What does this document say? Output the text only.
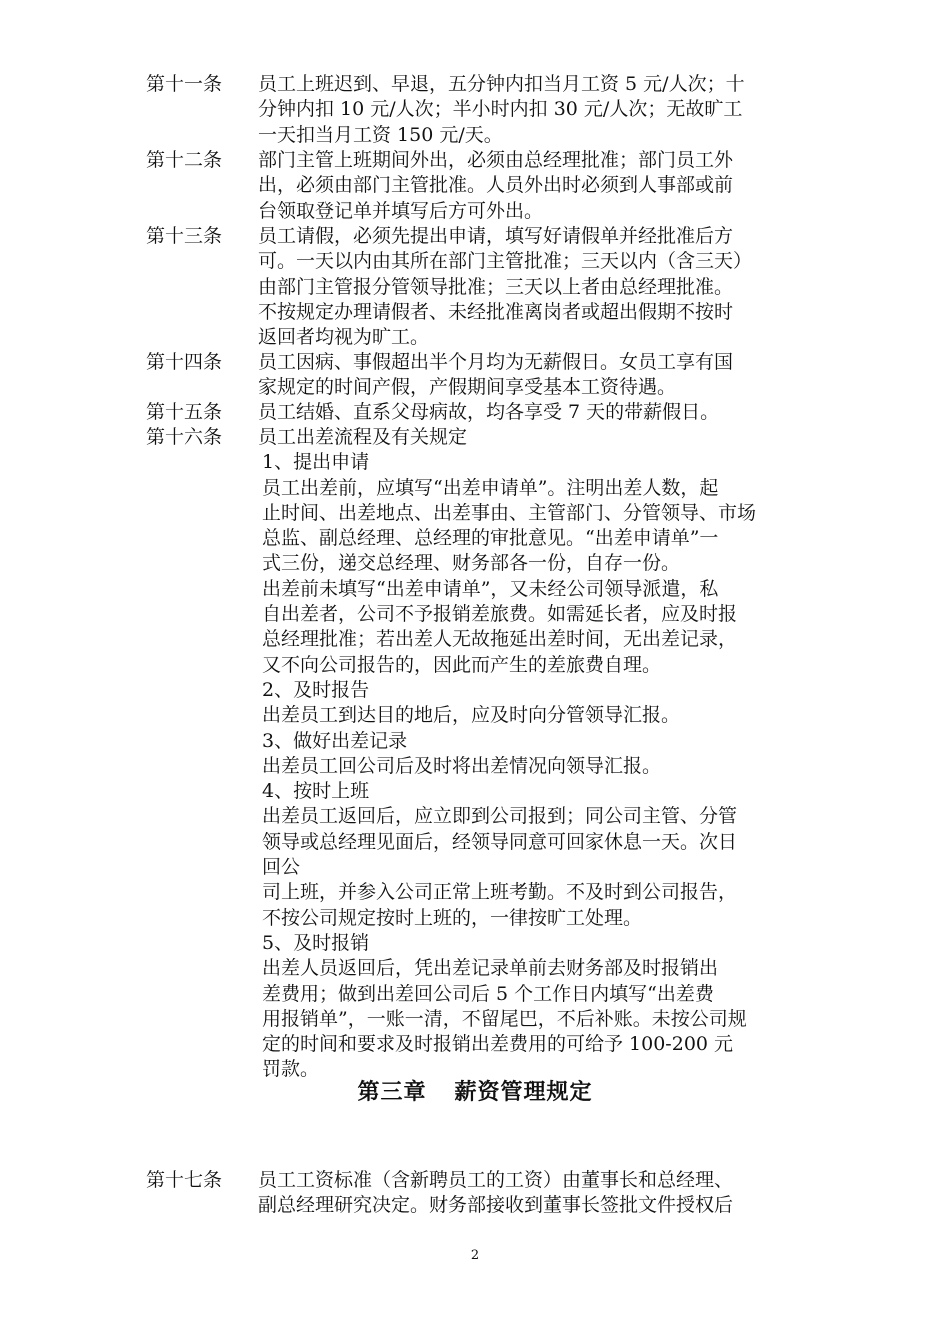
第十一条	员工上班迟到、早退，五分钟内扣当月工资 5 元/人次；十
分钟内扣 10 元/人次；半小时内扣 30 元/人次；无故旷工
一天扣当月工资 150 元/天。
第十二条	部门主管上班期间外出，必须由总经理批准；部门员工外
出，必须由部门主管批准。人员外出时必须到人事部或前
台领取登记单并填写后方可外出。
第十三条	员工请假，必须先提出申请，填写好请假单并经批准后方
可。一天以内由其所在部门主管批准；三天以内（含三天）
由部门主管报分管领导批准；三天以上者由总经理批准。
不按规定办理请假者、未经批准离岗者或超出假期不按时
返回者均视为旷工。
第十四条	员工因病、事假超出半个月均为无薪假日。女员工享有国
家规定的时间产假，产假期间享受基本工资待遇。
第十五条	员工结婚、直系父母病故，均各享受 7 天的带薪假日。
第十六条	员工出差流程及有关规定
1、提出申请
员工出差前，应填写“出差申请单”。注明出差人数，起
止时间、出差地点、出差事由、主管部门、分管领导、市场
总监、副总经理、总经理的审批意见。“出差申请单”一
式三份，递交总经理、财务部各一份，自存一份。
出差前未填写“出差申请单”，又未经公司领导派遣，私
自出差者，公司不予报销差旅费。如需延长者，应及时报
总经理批准；若出差人无故拖延出差时间，无出差记录，
又不向公司报告的，因此而产生的差旅费自理。
2、及时报告
出差员工到达目的地后，应及时向分管领导汇报。
3、做好出差记录
出差员工回公司后及时将出差情况向领导汇报。
4、按时上班
出差员工返回后，应立即到公司报到；同公司主管、分管
领导或总经理见面后，经领导同意可回家休息一天。次日
回公
司上班，并参入公司正常上班考勤。不及时到公司报告，
不按公司规定按时上班的，一律按旷工处理。
5、及时报销
出差人员返回后，凭出差记录单前去财务部及时报销出
差费用；做到出差回公司后 5 个工作日内填写“出差费
用报销单”，一账一清，不留尾巴，不后补账。未按公司规
定的时间和要求及时报销出差费用的可给予 100-200 元
罚款。
第三章 薪资管理规定
第十七条	员工工资标准（含新聘员工的工资）由董事长和总经理、
副总经理研究决定。财务部接收到董事长签批文件授权后
2
